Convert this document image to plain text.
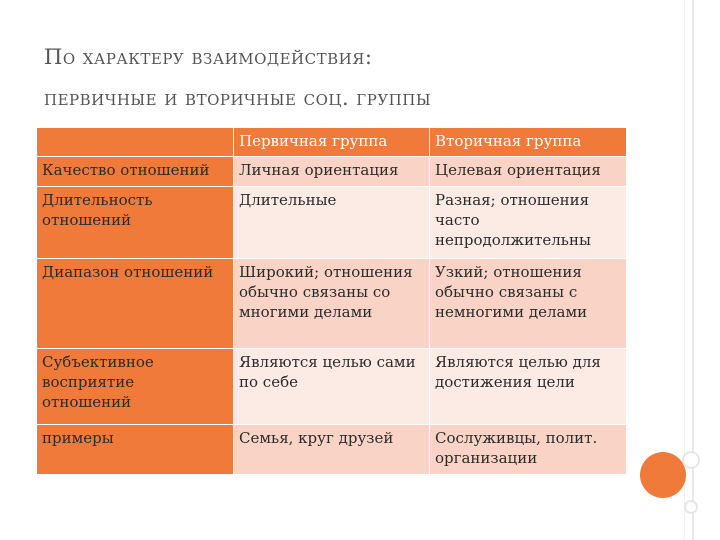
По характеру взаимодействия:
первичные и вторичные соц. группы
	Первичная группа	Вторичная группа
Качество отношений	Личная ориентация	Целевая ориентация
Длительность отношений	Длительные	Разная; отношения часто непродолжительны
Диапазон отношений	Широкий; отношения обычно связаны со многими делами	Узкий; отношения обычно связаны с немногими делами
Субъективное восприятие отношений	Являются целью сами по себе	Являются целью для достижения цели
примеры	Семья, круг друзей	Сослуживцы, полит. организации
